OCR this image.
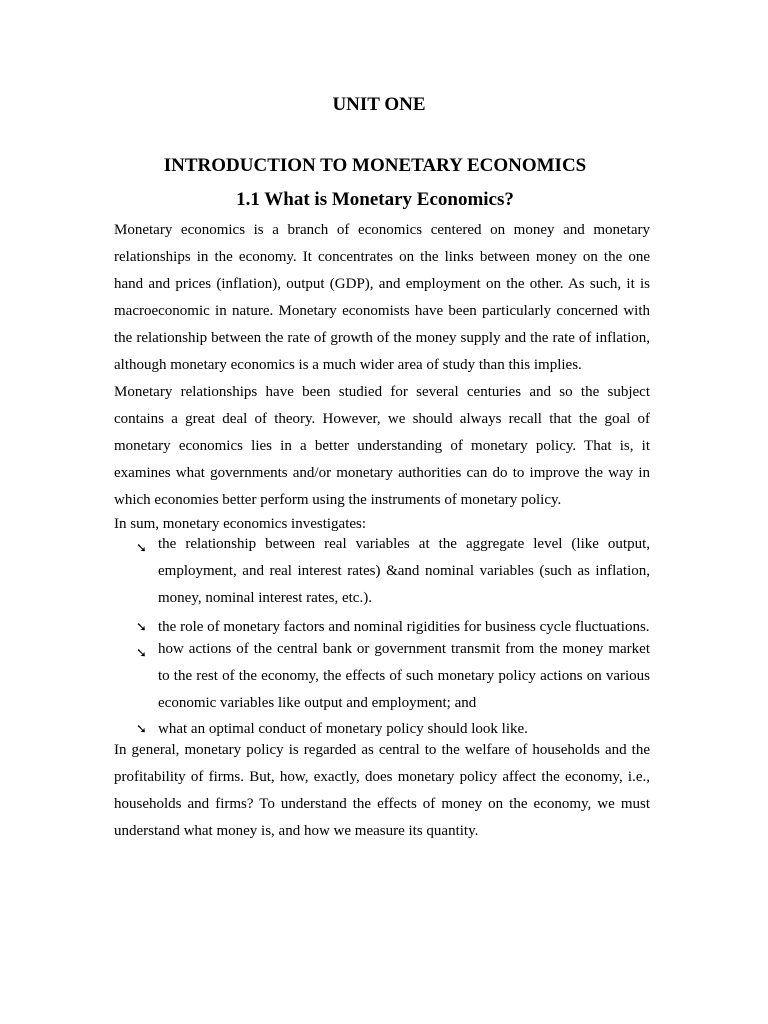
UNIT ONE
INTRODUCTION TO MONETARY ECONOMICS
1.1 What is Monetary Economics?

Monetary economics is a branch of economics centered on money and monetary relationships in the economy. It concentrates on the links between money on the one hand and prices (inflation), output (GDP), and employment on the other. As such, it is macroeconomic in nature. Monetary economists have been particularly concerned with the relationship between the rate of growth of the money supply and the rate of inflation, although monetary economics is a much wider area of study than this implies.

Monetary relationships have been studied for several centuries and so the subject contains a great deal of theory. However, we should always recall that the goal of monetary economics lies in a better understanding of monetary policy. That is, it examines what governments and/or monetary authorities can do to improve the way in which economies better perform using the instruments of monetary policy.

In sum, monetary economics investigates:

➘ the relationship between real variables at the aggregate level (like output, employment, and real interest rates) &and nominal variables (such as inflation, money, nominal interest rates, etc.).
➘ the role of monetary factors and nominal rigidities for business cycle fluctuations.
➘ how actions of the central bank or government transmit from the money market to the rest of the economy, the effects of such monetary policy actions on various economic variables like output and employment; and
➘ what an optimal conduct of monetary policy should look like.

In general, monetary policy is regarded as central to the welfare of households and the profitability of firms. But, how, exactly, does monetary policy affect the economy, i.e., households and firms? To understand the effects of money on the economy, we must understand what money is, and how we measure its quantity.
